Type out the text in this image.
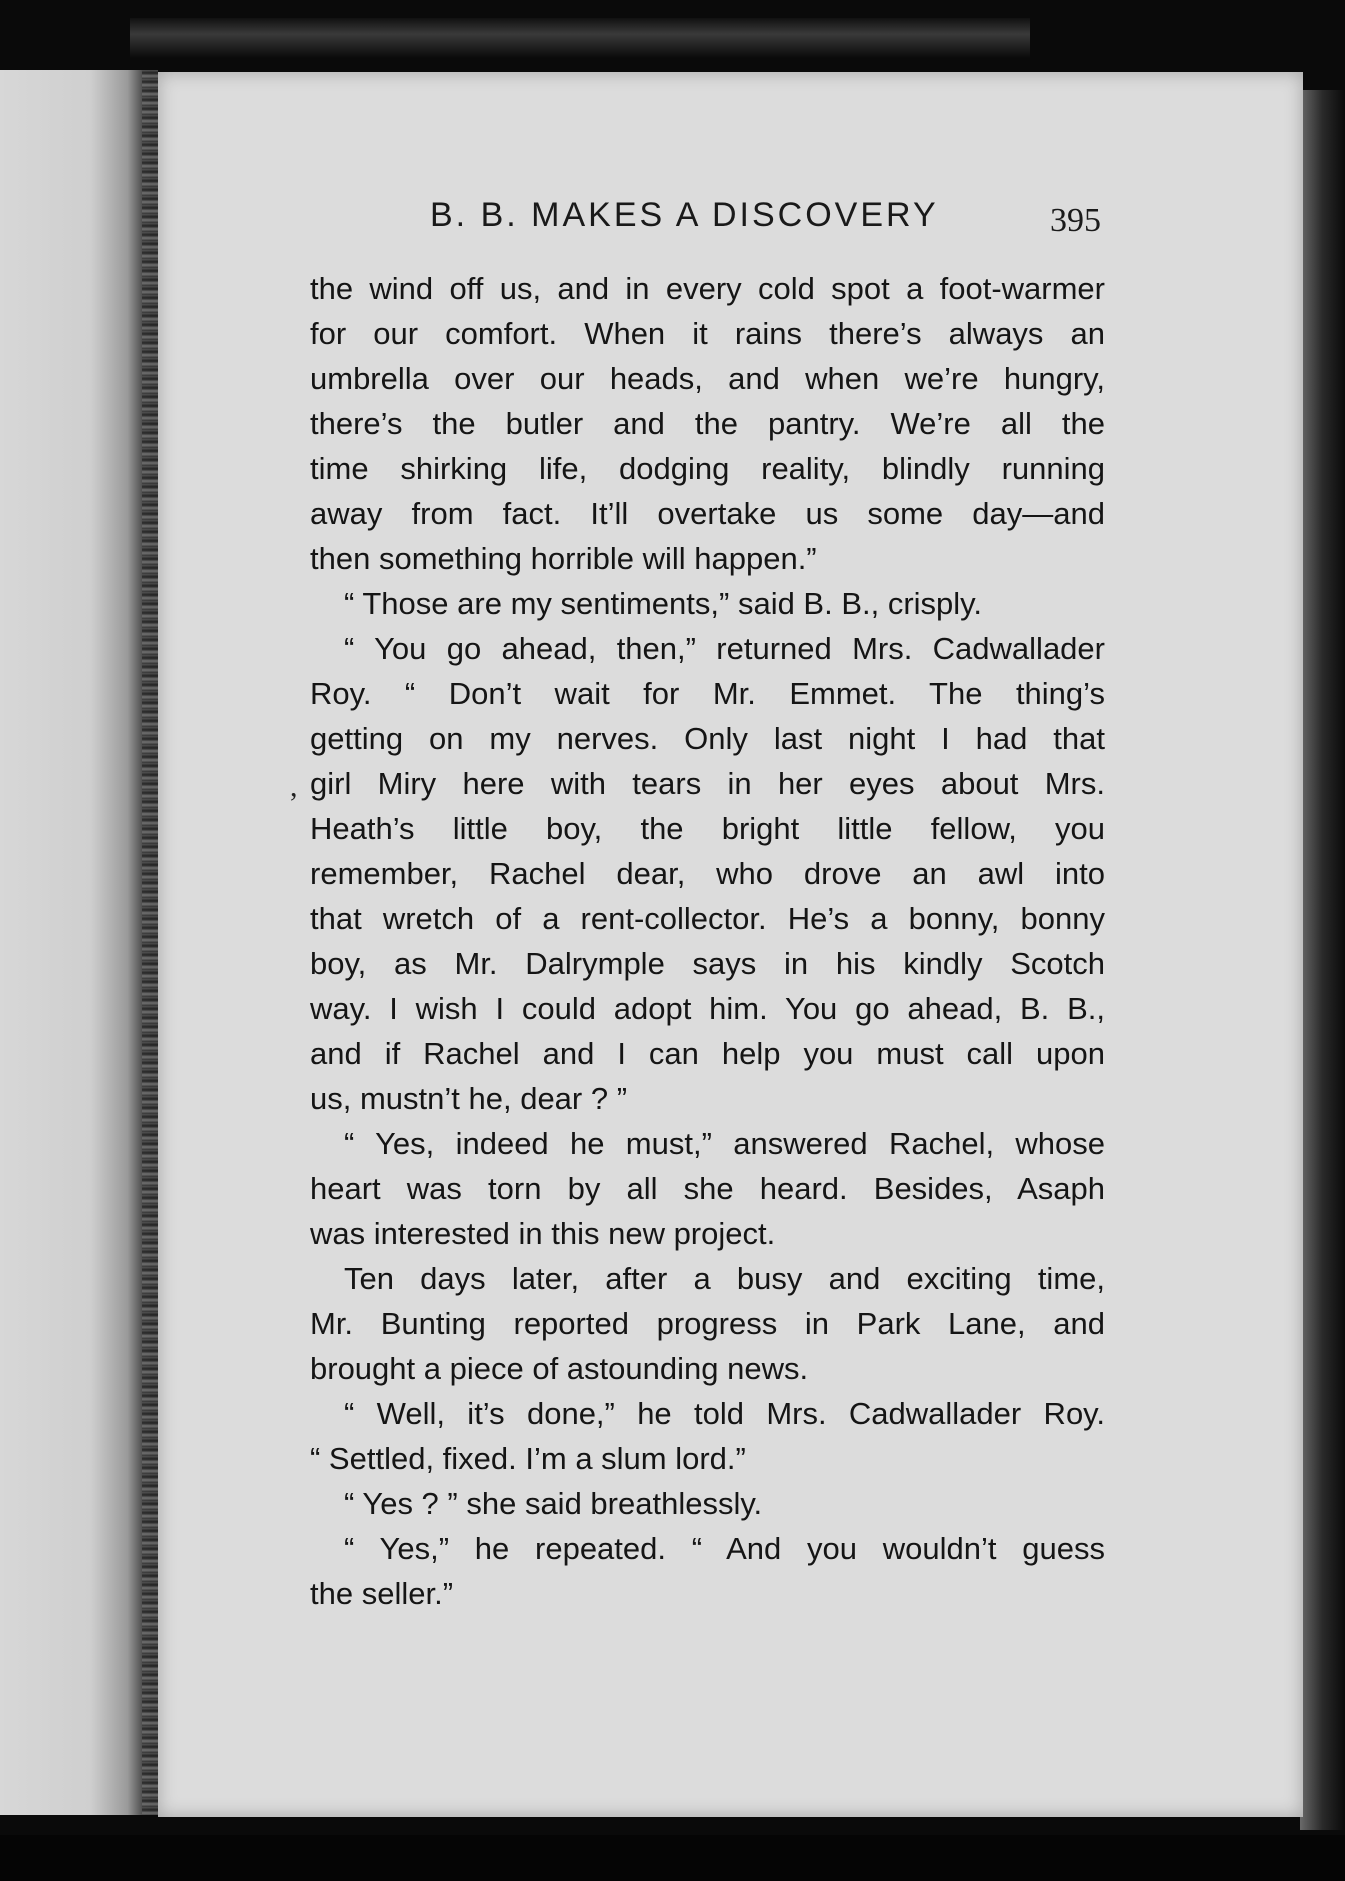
B. B. MAKES A DISCOVERY	395
,
the wind off us, and in every cold spot a foot-warmer
for our comfort. When it rains there’s always an
umbrella over our heads, and when we’re hungry,
there’s the butler and the pantry. We’re all the
time shirking life, dodging reality, blindly running
away from fact. It’ll overtake us some day—and
then something horrible will happen.”
“ Those are my sentiments,” said B. B., crisply.
“ You go ahead, then,” returned Mrs. Cadwallader
Roy. “ Don’t wait for Mr. Emmet. The thing’s
getting on my nerves. Only last night I had that
girl Miry here with tears in her eyes about Mrs.
Heath’s little boy, the bright little fellow, you
remember, Rachel dear, who drove an awl into
that wretch of a rent-collector. He’s a bonny, bonny
boy, as Mr. Dalrymple says in his kindly Scotch
way. I wish I could adopt him. You go ahead, B. B.,
and if Rachel and I can help you must call upon
us, mustn’t he, dear ? ”
“ Yes, indeed he must,” answered Rachel, whose
heart was torn by all she heard. Besides, Asaph
was interested in this new project.
Ten days later, after a busy and exciting time,
Mr. Bunting reported progress in Park Lane, and
brought a piece of astounding news.
“ Well, it’s done,” he told Mrs. Cadwallader Roy.
“ Settled, fixed. I’m a slum lord.”
“ Yes ? ” she said breathlessly.
“ Yes,” he repeated. “ And you wouldn’t guess
the seller.”
